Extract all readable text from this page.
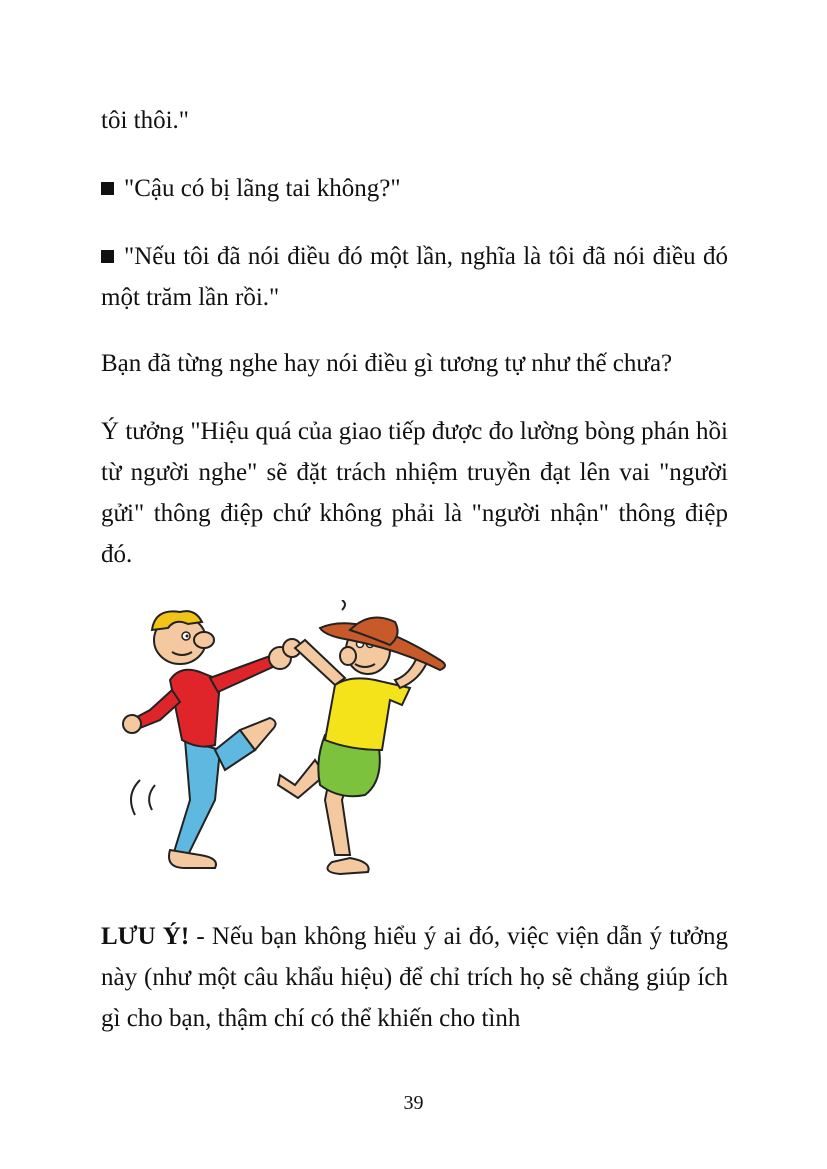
tôi thôi."

"Cậu có bị lãng tai không?"

"Nếu tôi đã nói điều đó một lần, nghĩa là tôi đã nói điều đó một trăm lần rồi."

Bạn đã từng nghe hay nói điều gì tương tự như thế chưa?

Ý tưởng "Hiệu quá của giao tiếp được đo lường bòng phán hồi từ người nghe" sẽ đặt trách nhiệm truyền đạt lên vai "người gửi" thông điệp chứ không phải là "người nhận" thông điệp đó.

LƯU Ý! - Nếu bạn không hiểu ý ai đó, việc viện dẫn ý tưởng này (như một câu khẩu hiệu) để chỉ trích họ sẽ chẳng giúp ích gì cho bạn, thậm chí có thể khiến cho tình

39
